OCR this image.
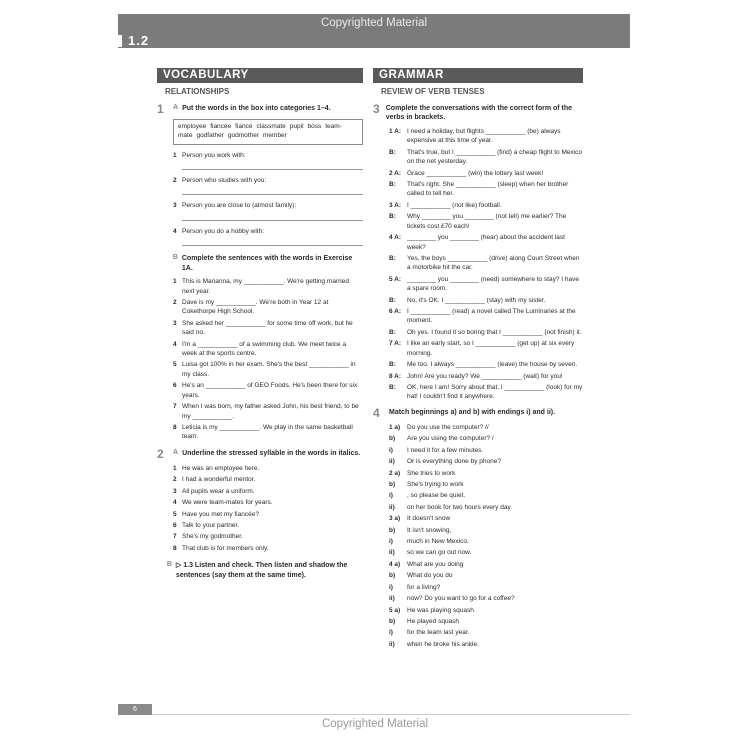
Copyrighted Material
1.2
VOCABULARY
RELATIONSHIPS
1	A Put the words in the box into categories 1–4.
employee fiancée fiancé classmate pupil boss team-mate godfather godmother member
1 Person you work with:
2 Person who studies with you:
3 Person you are close to (almost family):
4 Person you do a hobby with:
B Complete the sentences with the words in Exercise 1A.
1 This is Marianna, my ___________. We're getting married next year.
2 Dave is my ___________. We're both in Year 12 at Cokethorpe High School.
3 She asked her ___________ for some time off work, but he said no.
4 I'm a ___________ of a swimming club. We meet twice a week at the sports centre.
5 Luisa got 100% in her exam. She's the best ___________ in my class.
6 He's an ___________ of GEO Foods. He's been there for six years.
7 When I was born, my father asked John, his best friend, to be my ___________.
8 Leticia is my ___________. We play in the same basketball team.
2	A Underline the stressed syllable in the words in italics.
1 He was an employee here.
2 I had a wonderful mentor.
3 All pupils wear a uniform.
4 We were team-mates for years.
5 Have you met my fiancée?
6 Talk to your partner.
7 She's my godmother.
8 That club is for members only.
B ▷ 1.3 Listen and check. Then listen and shadow the sentences (say them at the same time).
GRAMMAR
REVIEW OF VERB TENSES
3 Complete the conversations with the correct form of the verbs in brackets.
1 A: I need a holiday, but flights ___________ (be) always expensive at this time of year.
B:	That's true, but I ___________ (find) a cheap flight to Mexico on the net yesterday.
2 A: Grace ___________ (win) the lottery last week!
B:	That's right. She ___________ (sleep) when her brother called to tell her.
3 A: I ___________ (not like) football.
B:	Why ________ you ________ (not tell) me earlier? The tickets cost £70 each!
4 A: ________ you ________ (hear) about the accident last week?
B:	Yes, the boys ___________ (drive) along Court Street when a motorbike hit the car.
5 A: ________ you ________ (need) somewhere to stay? I have a spare room.
B:	No, it's OK. I ___________ (stay) with my sister.
6 A: I ___________ (read) a novel called The Luminaries at the moment.
B:	Oh yes. I found it so boring that I ___________ (not finish) it.
7 A: I like an early start, so I ___________ (get up) at six every morning.
B:	Me too. I always ___________ (leave) the house by seven.
8 A: John! Are you ready? We ___________ (wait) for you!
B:	OK, here I am! Sorry about that. I ___________ (look) for my hat! I couldn't find it anywhere.
4	Match beginnings a) and b) with endings i) and ii).
1 a)	Do you use the computer? //
b)	Are you using the computer? /
i)	I need it for a few minutes.
ii)	Or is everything done by phone?
2 a)	She tries to work
b)	She's trying to work
i)	, so please be quiet.
ii)	on her book for two hours every day.
3 a)	It doesn't snow
b)	It isn't snowing,
i)	much in New Mexico.
ii)	so we can go out now.
4 a)	What are you doing
b)	What do you do
i)	for a living?
ii)	now? Do you want to go for a coffee?
5 a)	He was playing squash
b)	He played squash
i)	for the team last year.
ii)	when he broke his ankle.
6
Copyrighted Material
